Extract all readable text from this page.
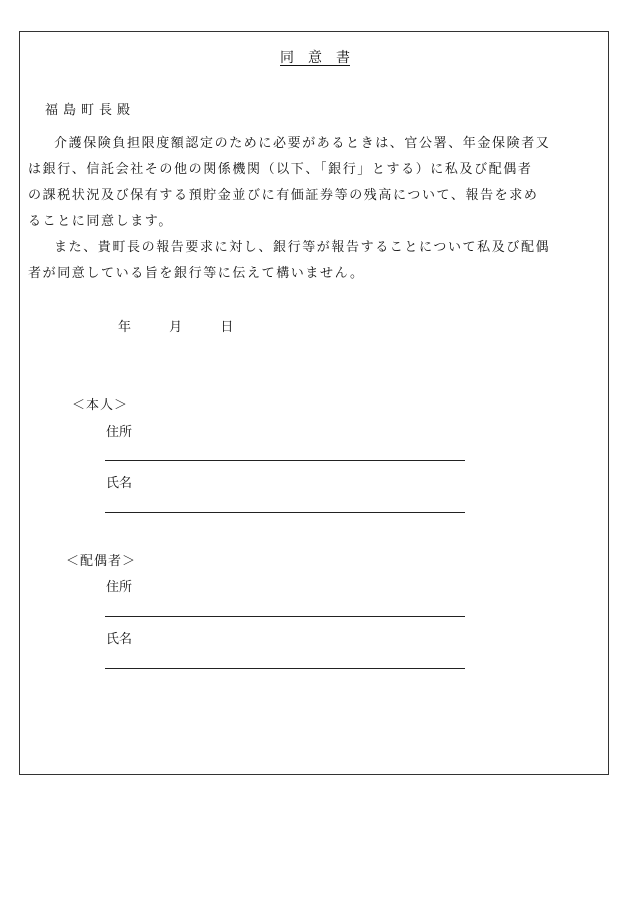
同　意　書
福島町長殿
介護保険負担限度額認定のために必要があるときは、官公署、年金保険者又
は銀行、信託会社その他の関係機関（以下、「銀行」とする）に私及び配偶者
の課税状況及び保有する預貯金並びに有価証券等の残高について、報告を求め
ることに同意します。
また、貴町長の報告要求に対し、銀行等が報告することについて私及び配偶
者が同意している旨を銀行等に伝えて構いません。
年	月	日
＜本人＞
住所
氏名
＜配偶者＞
住所
氏名
